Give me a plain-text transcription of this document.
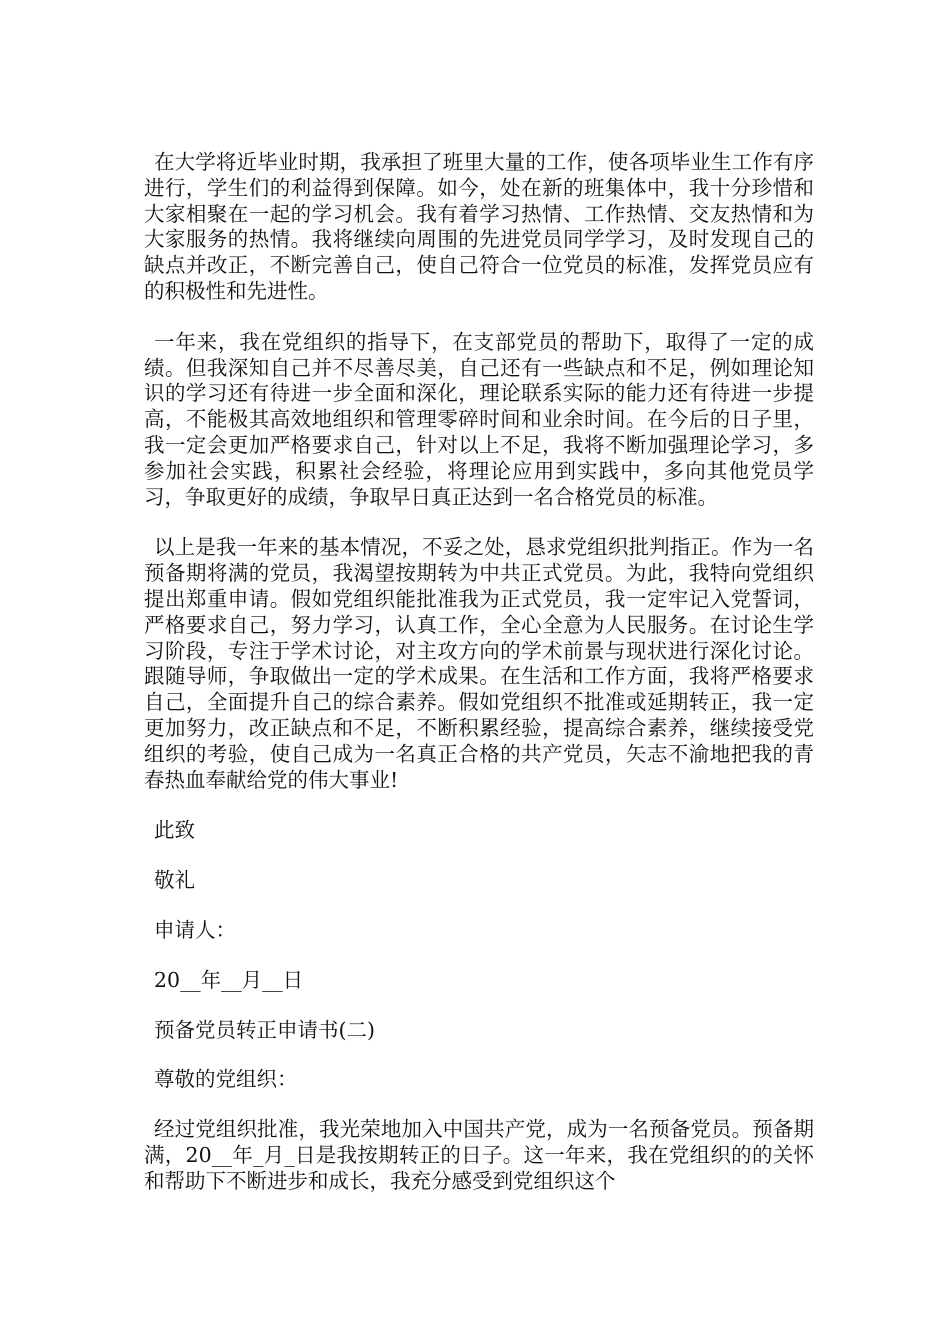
在大学将近毕业时期，我承担了班里大量的工作，使各项毕业生工作有序进行，学生们的利益得到保障。如今，处在新的班集体中，我十分珍惜和大家相聚在一起的学习机会。我有着学习热情、工作热情、交友热情和为大家服务的热情。我将继续向周围的先进党员同学学习，及时发现自己的缺点并改正，不断完善自己，使自己符合一位党员的标准，发挥党员应有的积极性和先进性。

一年来，我在党组织的指导下，在支部党员的帮助下，取得了一定的成绩。但我深知自己并不尽善尽美，自己还有一些缺点和不足，例如理论知识的学习还有待进一步全面和深化，理论联系实际的能力还有待进一步提高，不能极其高效地组织和管理零碎时间和业余时间。在今后的日子里，我一定会更加严格要求自己，针对以上不足，我将不断加强理论学习，多参加社会实践，积累社会经验，将理论应用到实践中，多向其他党员学习，争取更好的成绩，争取早日真正达到一名合格党员的标准。

以上是我一年来的基本情况，不妥之处，恳求党组织批判指正。作为一名预备期将满的党员，我渴望按期转为中共正式党员。为此，我特向党组织提出郑重申请。假如党组织能批准我为正式党员，我一定牢记入党誓词，严格要求自己，努力学习，认真工作，全心全意为人民服务。在讨论生学习阶段，专注于学术讨论，对主攻方向的学术前景与现状进行深化讨论。跟随导师，争取做出一定的学术成果。在生活和工作方面，我将严格要求自己，全面提升自己的综合素养。假如党组织不批准或延期转正，我一定更加努力，改正缺点和不足，不断积累经验，提高综合素养，继续接受党组织的考验，使自己成为一名真正合格的共产党员，矢志不渝地把我的青春热血奉献给党的伟大事业!

此致

敬礼

申请人：

20__年__月__日

预备党员转正申请书(二)

尊敬的党组织：

经过党组织批准，我光荣地加入中国共产党，成为一名预备党员。预备期满，20__年_月_日是我按期转正的日子。这一年来，我在党组织的的关怀和帮助下不断进步和成长，我充分感受到党组织这个
